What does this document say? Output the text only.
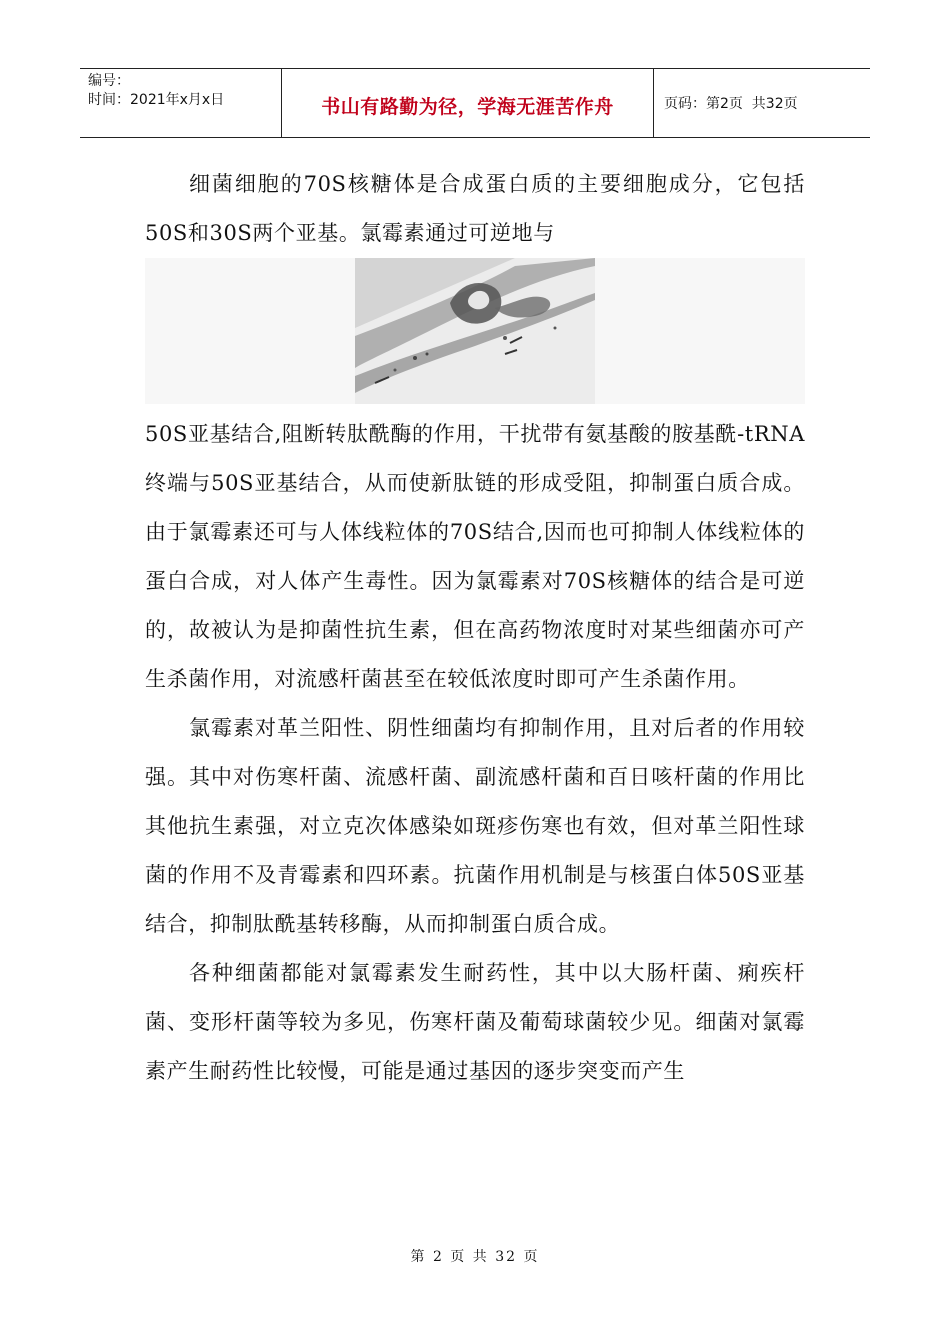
编号：
时间：2021年x月x日	书山有路勤为径，学海无涯苦作舟	页码：第2页  共32页

细菌细胞的70S核糖体是合成蛋白质的主要细胞成分，它包括50S和30S两个亚基。氯霉素通过可逆地与

50S亚基结合,阻断转肽酰酶的作用，干扰带有氨基酸的胺基酰-tRNA终端与50S亚基结合，从而使新肽链的形成受阻，抑制蛋白质合成。由于氯霉素还可与人体线粒体的70S结合,因而也可抑制人体线粒体的蛋白合成，对人体产生毒性。因为氯霉素对70S核糖体的结合是可逆的，故被认为是抑菌性抗生素，但在高药物浓度时对某些细菌亦可产生杀菌作用，对流感杆菌甚至在较低浓度时即可产生杀菌作用。

氯霉素对革兰阳性、阴性细菌均有抑制作用，且对后者的作用较强。其中对伤寒杆菌、流感杆菌、副流感杆菌和百日咳杆菌的作用比其他抗生素强，对立克次体感染如斑疹伤寒也有效，但对革兰阳性球菌的作用不及青霉素和四环素。抗菌作用机制是与核蛋白体50S亚基结合，抑制肽酰基转移酶，从而抑制蛋白质合成。

各种细菌都能对氯霉素发生耐药性，其中以大肠杆菌、痢疾杆菌、变形杆菌等较为多见，伤寒杆菌及葡萄球菌较少见。细菌对氯霉素产生耐药性比较慢，可能是通过基因的逐步突变而产生

第 2 页 共 32 页
